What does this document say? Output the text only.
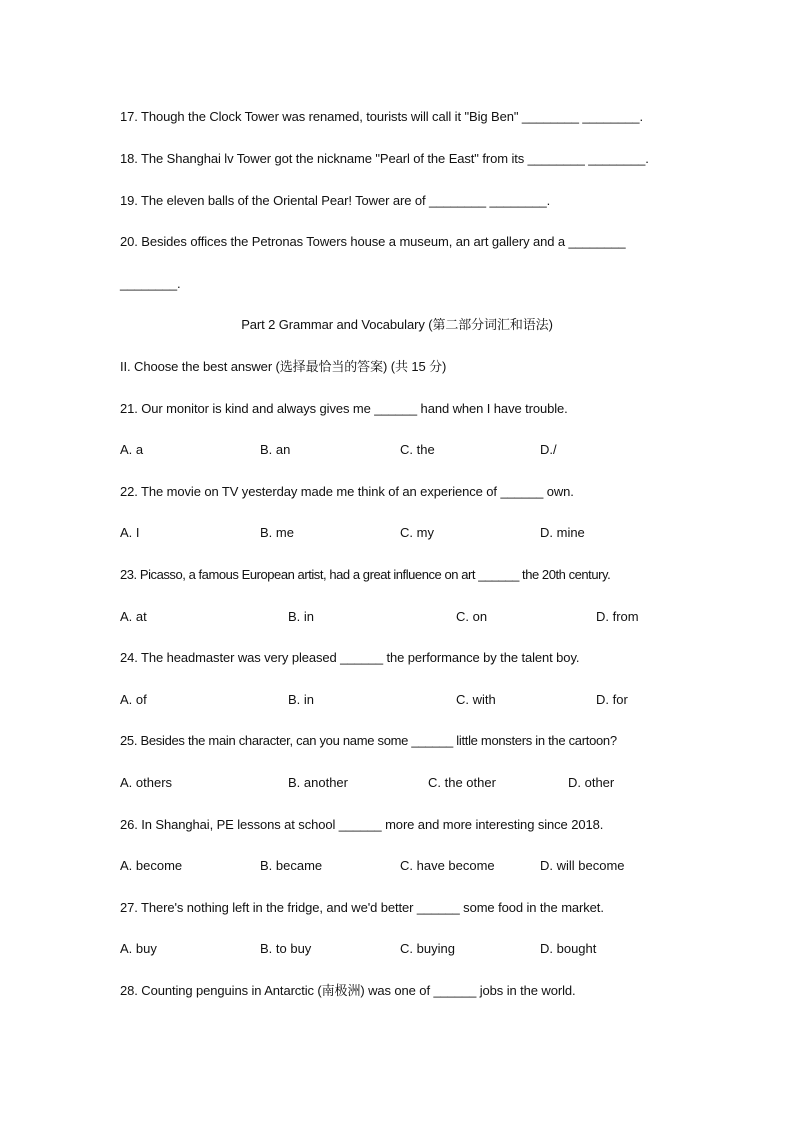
17. Though the Clock Tower was renamed, tourists will call it "Big Ben" ________ ________.
18. The Shanghai lv Tower got the nickname "Pearl of the East" from its ________ ________.
19. The eleven balls of the Oriental Pear! Tower are of ________ ________.
20. Besides offices the Petronas Towers house a museum, an art gallery and a ________
________.
Part 2 Grammar and Vocabulary (第二部分词汇和语法)
II. Choose the best answer (选择最恰当的答案) (共 15 分)
21. Our monitor is kind and always gives me ______ hand when I have trouble.
A. a	B. an	C. the	D./
22. The movie on TV yesterday made me think of an experience of ______ own.
A. I	B. me	C. my	D. mine
23. Picasso, a famous European artist, had a great influence on art ______ the 20th century.
A. at	B. in	C. on	D. from
24. The headmaster was very pleased ______ the performance by the talent boy.
A. of	B. in	C. with	D. for
25. Besides the main character, can you name some ______ little monsters in the cartoon?
A. others	B. another	C. the other	D. other
26. In Shanghai, PE lessons at school ______ more and more interesting since 2018.
A. become	B. became	C. have become	D. will become
27. There's nothing left in the fridge, and we'd better ______ some food in the market.
A. buy	B. to buy	C. buying	D. bought
28. Counting penguins in Antarctic (南极洲) was one of ______ jobs in the world.
